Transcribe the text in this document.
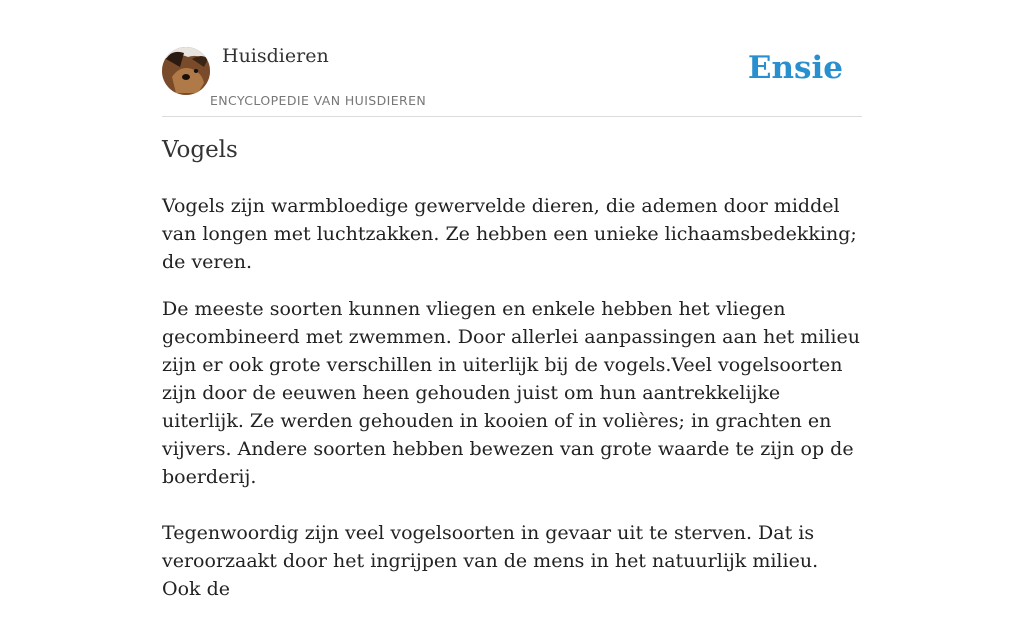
Huisdieren
ENCYCLOPEDIE VAN HUISDIEREN
Ensie
Vogels

Vogels zijn warmbloedige gewervelde dieren, die ademen door middel van longen met luchtzakken. Ze hebben een unieke lichaamsbedekking; de veren.

De meeste soorten kunnen vliegen en enkele hebben het vliegen gecombineerd met zwemmen. Door allerlei aanpassingen aan het milieu zijn er ook grote verschillen in uiterlijk bij de vogels.Veel vogelsoorten zijn door de eeuwen heen gehouden juist om hun aantrekkelijke uiterlijk. Ze werden gehouden in kooien of in volières; in grachten en vijvers. Andere soorten hebben bewezen van grote waarde te zijn op de boerderij.

Tegenwoordig zijn veel vogelsoorten in gevaar uit te sterven. Dat is veroorzaakt door het ingrijpen van de mens in het natuurlijk milieu. Ook de
